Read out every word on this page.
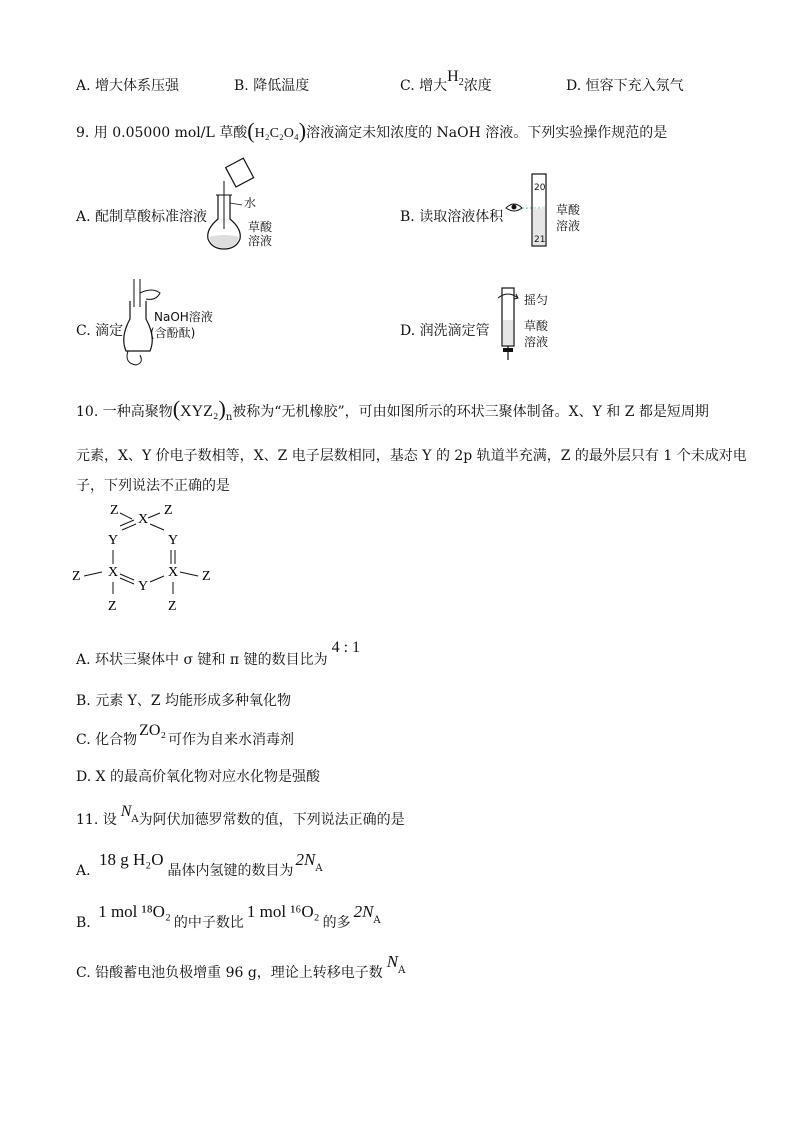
A. 增大体系压强	B. 降低温度	C. 增大$H_2$浓度	D. 恒容下充入氖气
9. 用 0.05000 mol/L 草酸(H₂C₂O₄)溶液滴定未知浓度的 NaOH 溶液。下列实验操作规范的是
A. 配制草酸标准溶液
水
草酸
溶液
B. 读取溶液体积
20
21
草酸
溶液
C. 滴定
NaOH溶液
(含酚酞)	D. 润洗滴定管
摇匀
草酸
溶液
10. 一种高聚物$(XYZ_2)_n$被称为“无机橡胶”，可由如图所示的环状三聚体制备。X、Y 和 Z 都是短周期
元素，X、Y 价电子数相等，X、Z 电子层数相同，基态 Y 的 2p 轨道半充满，Z 的最外层只有 1 个未成对电
子，下列说法不正确的是
Z
X
Z
Y	Y
Z X
Y
X Z
Z	Z
A. 环状三聚体中 σ 键和 π 键的数目比为4 : 1
B. 元素 Y、Z 均能形成多种氧化物
C. 化合物ZO₂可作为自来水消毒剂
D. X 的最高价氧化物对应水化物是强酸
11. 设 $N_A$为阿伏加德罗常数的值，下列说法正确的是
A. 18 g H₂O晶体内氢键的数目为$2N_A$
B. 1 mol ¹⁸O₂的中子数比1 mol ¹⁶O₂的多$2N_A$
C. 铅酸蓄电池负极增重 96 g，理论上转移电子数$N_A$
